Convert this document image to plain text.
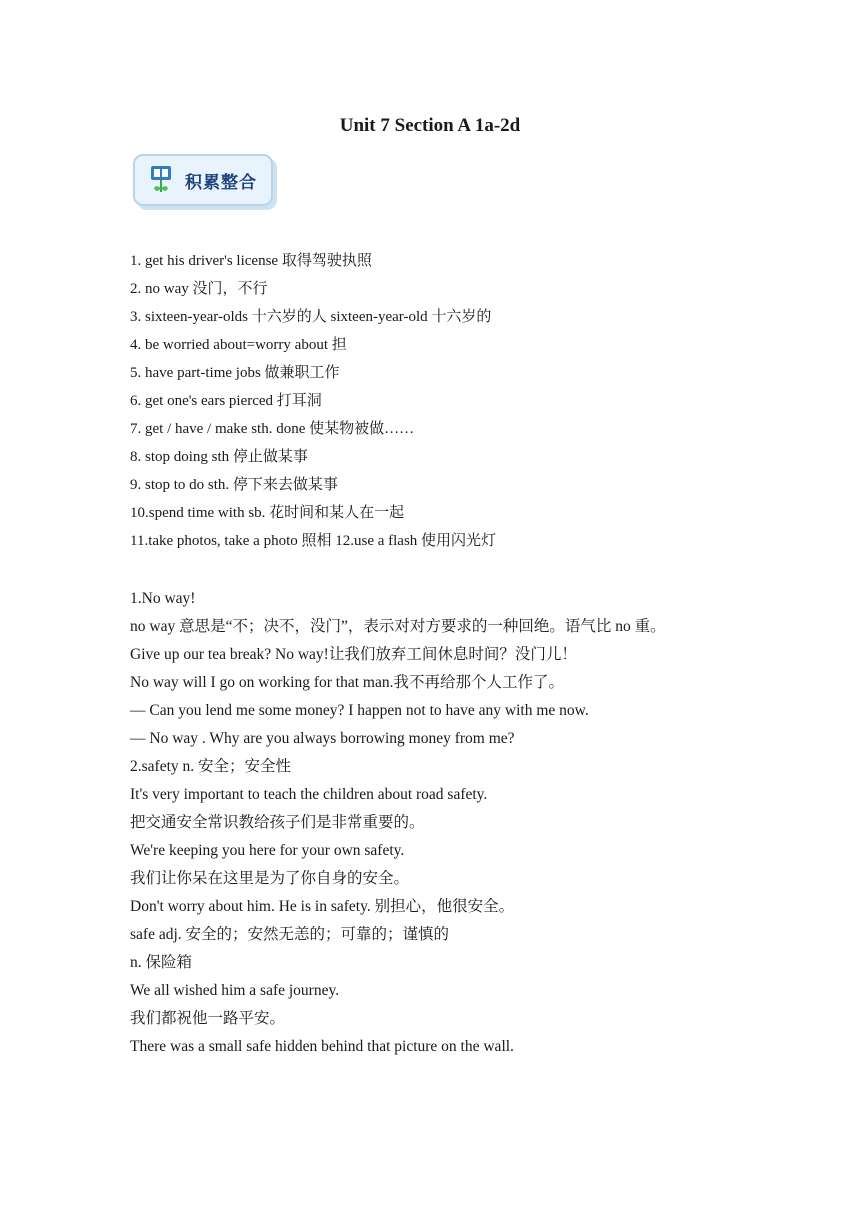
Unit 7 Section A 1a-2d
积累整合
1. get his driver's license 取得驾驶执照
2. no way 没门，不行
3. sixteen-year-olds 十六岁的人 sixteen-year-old 十六岁的
4. be worried about=worry about 担
5. have part-time jobs 做兼职工作
6. get one's ears pierced 打耳洞
7. get / have / make sth. done 使某物被做……
8. stop doing sth 停止做某事
9. stop to do sth. 停下来去做某事
10.spend time with sb. 花时间和某人在一起
11.take photos, take a photo 照相 12.use a flash 使用闪光灯
1.No way!
no way 意思是“不；决不，没门”，表示对对方要求的一种回绝。语气比 no 重。
Give up our tea break? No way!让我们放弃工间休息时间？没门儿！
No way will I go on working for that man.我不再给那个人工作了。
— Can you lend me some money? I happen not to have any with me now.
— No way . Why are you always borrowing money from me?
2.safety n. 安全；安全性
It's very important to teach the children about road safety.
把交通安全常识教给孩子们是非常重要的。
We're keeping you here for your own safety.
我们让你呆在这里是为了你自身的安全。
Don't worry about him. He is in safety. 别担心，他很安全。
safe adj. 安全的；安然无恙的；可靠的；谨慎的
n. 保险箱
We all wished him a safe journey.
我们都祝他一路平安。
There was a small safe hidden behind that picture on the wall.
